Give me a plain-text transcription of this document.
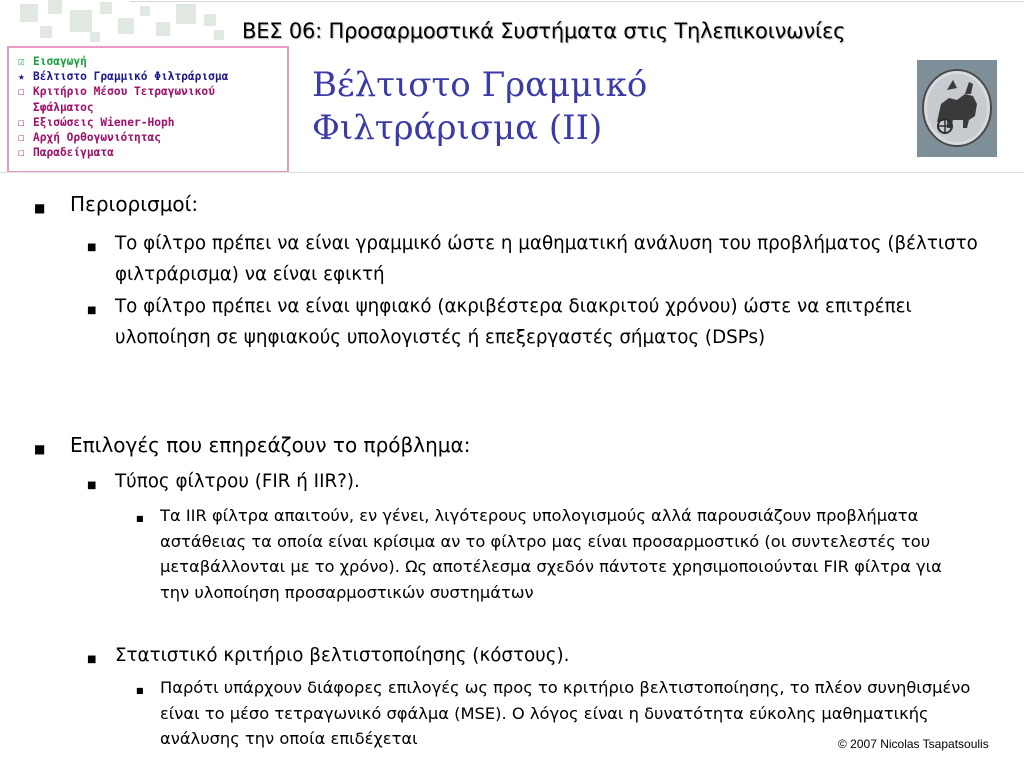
ΒΕΣ 06: Προσαρμοστικά Συστήματα στις Τηλεπικοινωνίες
☑ Εισαγωγή
★ Βέλτιστο Γραμμικό Φιλτράρισμα
☐ Κριτήριο Μέσου Τετραγωνικού
Σφάλματος
☐ Εξισώσεις Wiener-Hoph
☐ Αρχή Ορθογωνιότητας
☐ Παραδείγματα
Βέλτιστο Γραμμικό
Φιλτράρισμα (ΙΙ)
■	Περιορισμοί:
■	Το φίλτρο πρέπει να είναι γραμμικό ώστε η μαθηματική ανάλυση του προβλήματος (βέλτιστο φιλτράρισμα) να είναι εφικτή
■	Το φίλτρο πρέπει να είναι ψηφιακό (ακριβέστερα διακριτού χρόνου) ώστε να επιτρέπει υλοποίηση σε ψηφιακούς υπολογιστές ή επεξεργαστές σήματος (DSPs)
■	Επιλογές που επηρεάζουν το πρόβλημα:
■	Τύπος φίλτρου (FIR ή IIR?).
■	Τα IIR φίλτρα απαιτούν, εν γένει, λιγότερους υπολογισμούς αλλά παρουσιάζουν προβλήματα αστάθειας τα οποία είναι κρίσιμα αν το φίλτρο μας είναι προσαρμοστικό (οι συντελεστές του μεταβάλλονται με το χρόνο). Ως αποτέλεσμα σχεδόν πάντοτε χρησιμοποιούνται FIR φίλτρα για την υλοποίηση προσαρμοστικών συστημάτων
■	Στατιστικό κριτήριο βελτιστοποίησης (κόστους).
■	Παρότι υπάρχουν διάφορες επιλογές ως προς το κριτήριο βελτιστοποίησης, το πλέον συνηθισμένο είναι το μέσο τετραγωνικό σφάλμα (MSE). Ο λόγος είναι η δυνατότητα εύκολης μαθηματικής ανάλυσης την οποία επιδέχεται	© 2007 Nicolas Tsapatsoulis
